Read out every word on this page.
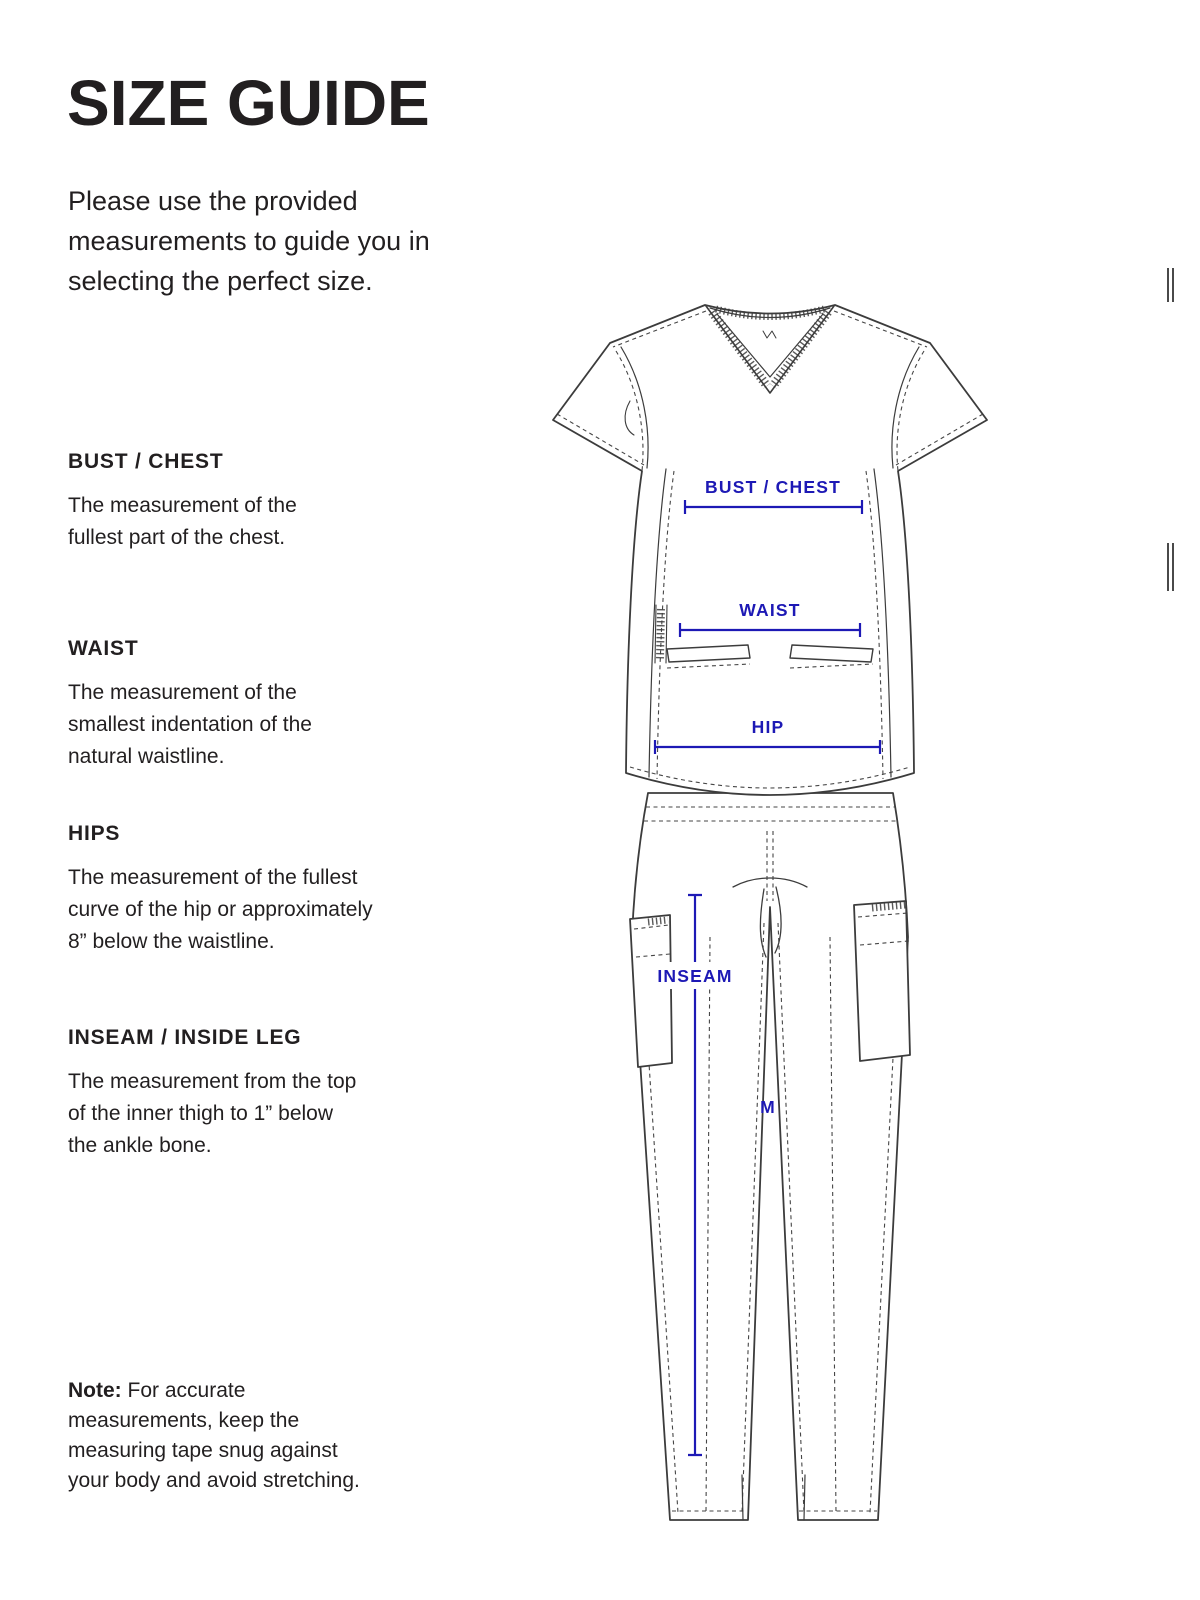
SIZE GUIDE
Please use the provided
measurements to guide you in
selecting the perfect size.
BUST / CHEST
The measurement of the
fullest part of the chest.
WAIST
The measurement of the
smallest indentation of the
natural waistline.
HIPS
The measurement of the fullest
curve of the hip or approximately
8” below the waistline.
INSEAM / INSIDE LEG
The measurement from the top
of the inner thigh to 1” below
the ankle bone.
Note: For accurate
measurements, keep the
measuring tape snug against
your body and avoid stretching.
BUST / CHEST
WAIST
HIP
INSEAM
M
